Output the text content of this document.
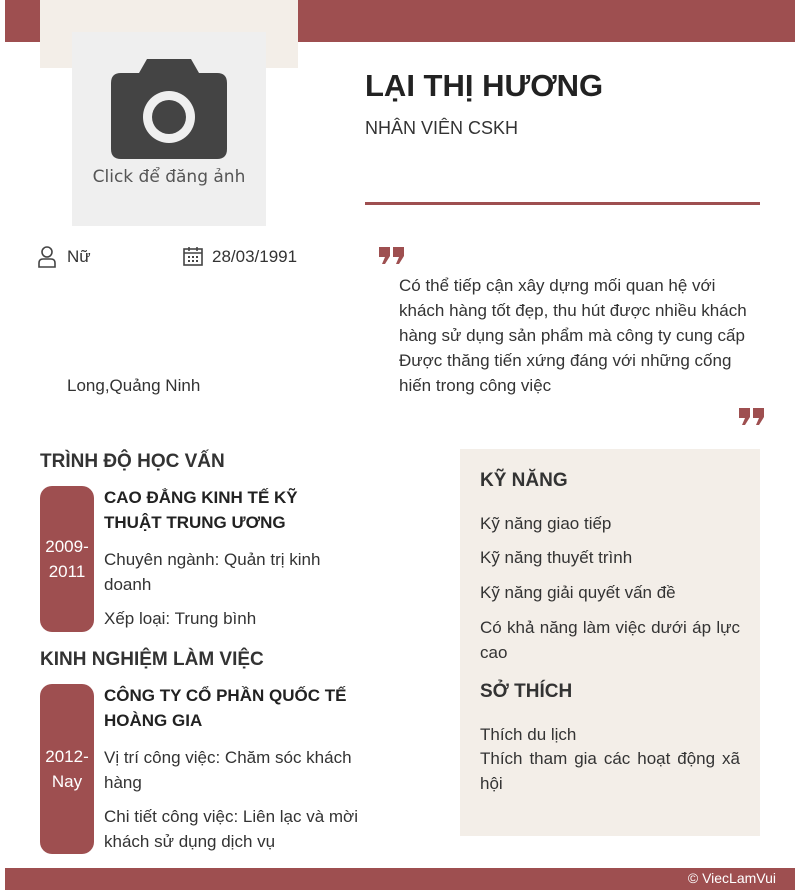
Click để đăng ảnh
LẠI THỊ HƯƠNG
NHÂN VIÊN CSKH
Nữ	28/03/1991
Long,Quảng Ninh
Có thể tiếp cận xây dựng mối quan hệ với khách hàng tốt đẹp, thu hút được nhiều khách hàng sử dụng sản phẩm mà công ty cung cấp Được thăng tiến xứng đáng với những cống hiến trong công việc
TRÌNH ĐỘ HỌC VẤN
2009-2011
CAO ĐẲNG KINH TẾ KỸ THUẬT TRUNG ƯƠNG
Chuyên ngành: Quản trị kinh doanh
Xếp loại: Trung bình
KINH NGHIỆM LÀM VIỆC
2012-Nay
CÔNG TY CỔ PHẦN QUỐC TẾ HOÀNG GIA
Vị trí công việc: Chăm sóc khách hàng
Chi tiết công việc: Liên lạc và mời khách sử dụng dịch vụ
KỸ NĂNG
Kỹ năng giao tiếp
Kỹ năng thuyết trình
Kỹ năng giải quyết vấn đề
Có khả năng làm việc dưới áp lực cao
SỞ THÍCH
Thích du lịch
Thích tham gia các hoạt động xã hội
© ViecLamVui
